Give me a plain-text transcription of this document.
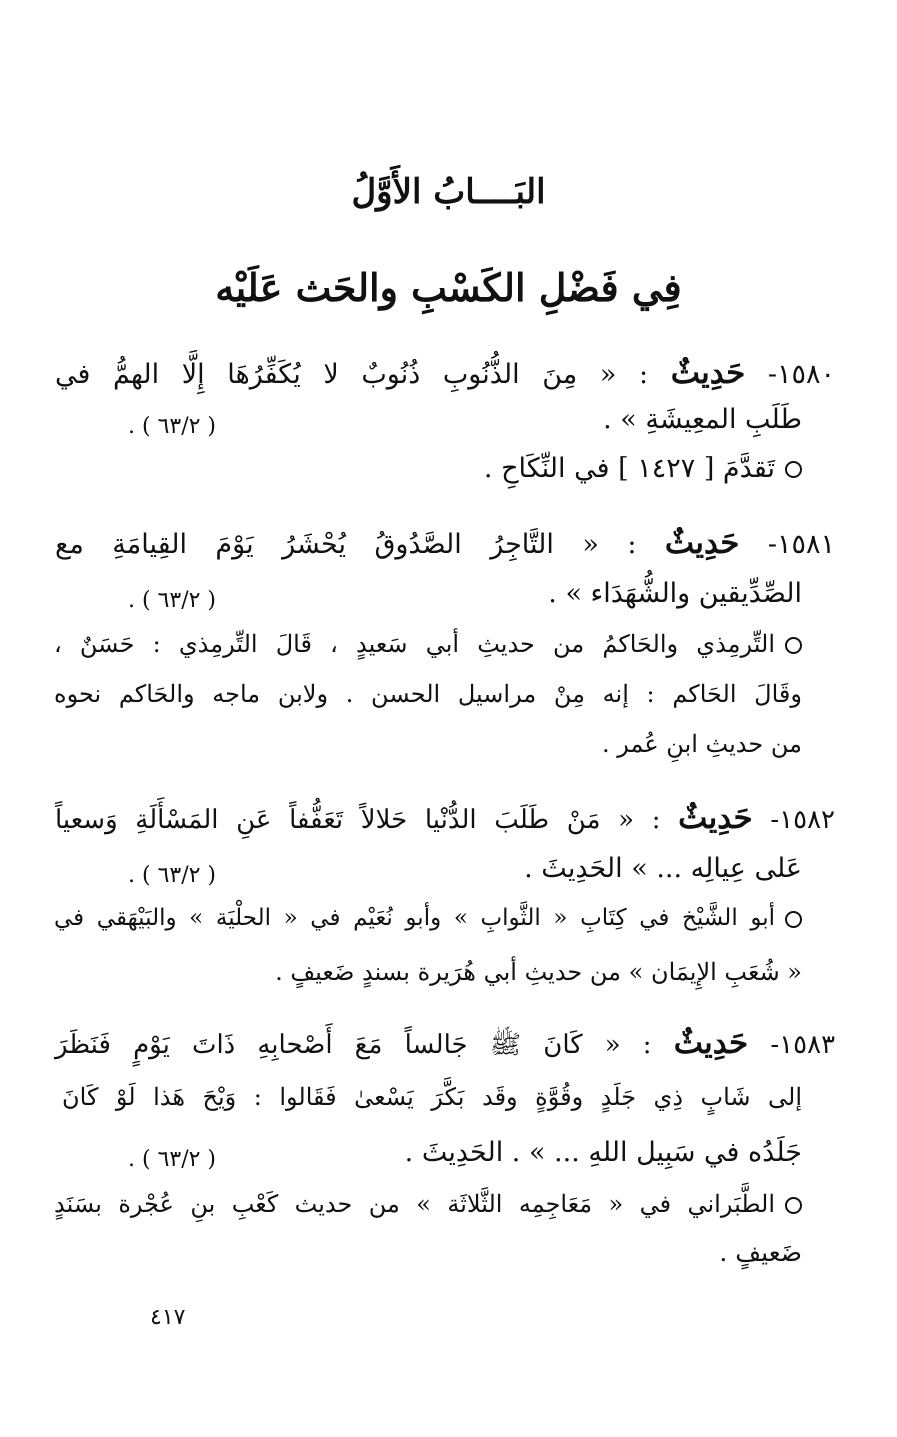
البَــــابُ الأَوَّلُ
فِي فَضْلِ الكَسْبِ والحَث عَلَيْه
١٥٨٠- حَدِيثٌ : « مِنَ الذُّنُوبِ ذُنُوبٌ لا يُكَفِّرُهَا إِلَّا الهمُّ في
طَلَبِ المعِيشَةِ » .
( ٦٣/٢ ) .
تَقدَّمَ [ ١٤٢٧ ] في النِّكَاحِ .
١٥٨١- حَدِيثٌ : « التَّاجِرُ الصَّدُوقُ يُحْشَرُ يَوْمَ القِيامَةِ مع
الصِّدِّيقين والشُّهَدَاء » .
( ٦٣/٢ ) .
التِّرمِذي والحَاكمُ من حديثِ أبي سَعيدٍ ، قَالَ التِّرمِذي : حَسَنٌ ،
وقَالَ الحَاكم : إنه مِنْ مراسيل الحسن . ولابن ماجه والحَاكم نحوه
من حديثِ ابنِ عُمر .
١٥٨٢- حَدِيثٌ : « مَنْ طَلَبَ الدُّنْيا حَلالاً تَعَفُّفاً عَنِ المَسْأَلَةِ وَسعياً
عَلى عِيالِه ... » الحَدِيثَ .
( ٦٣/٢ ) .
أبو الشَّيْخ في كِتَابِ « الثَّوابِ » وأبو نُعَيْم في « الحلْيَة » والبَيْهَقي في
« شُعَبِ الإِيمَان » من حديثِ أبي هُرَيرة بسندٍ ضَعيفٍ .
١٥٨٣- حَدِيثٌ : « كَانَ ﷺ جَالساً مَعَ أَصْحابِهِ ذَاتَ يَوْمٍ فَنَظَرَ
إلى شَابٍ ذِي جَلَدٍ وقُوَّةٍ وقَد بَكَّرَ يَسْعىٰ فَقَالوا : وَيْحَ هَذا لَوْ كَانَ
جَلَدُه في سَبِيل اللهِ ... » . الحَدِيثَ .
( ٦٣/٢ ) .
الطَّبَراني في « مَعَاجِمِه الثَّلاثَة » من حديث كَعْبِ بنِ عُجْرة بسَنَدٍ
ضَعيفٍ .
٤١٧
